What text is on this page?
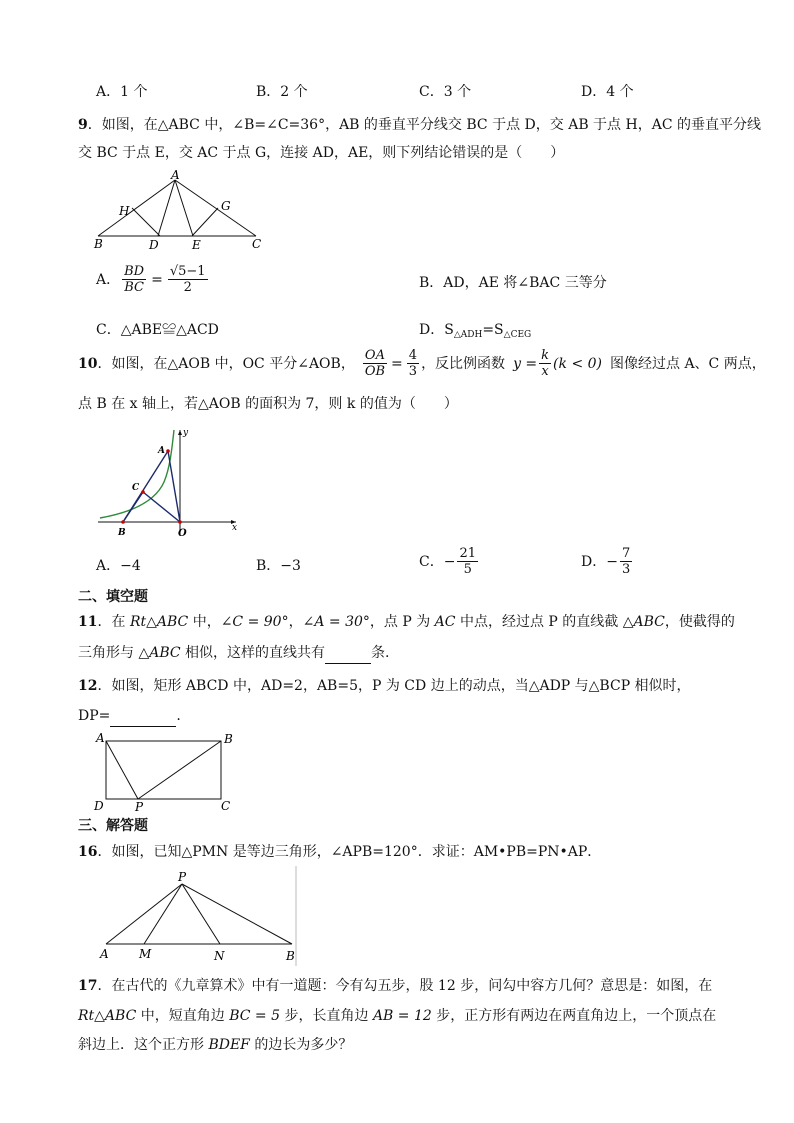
A．1 个	B．2 个	C．3 个	D．4 个
9．如图，在△ABC 中，∠B=∠C=36°，AB 的垂直平分线交 BC 于点 D，交 AB 于点 H，AC 的垂直平分线
交 BC 于点 E，交 AC 于点 G，连接 AD，AE，则下列结论错误的是（　　）
A
B	C
D	E
H	G
A． $\frac{BD}{BC} = \frac{√5-1}{2}$	B．AD，AE 将∠BAC 三等分
C．△ABE≌△ACD	D．$S_{\triangle ADH}=S_{\triangle CEG}$
10 ．如图，在△AOB 中，OC 平分∠AOB， $\frac{OA}{OB} = \frac{4}{3}$ ，反比例函数 $y = \frac{k}{x} (k < 0)$ 图像经过点 A、C 两点，
点 B 在 x 轴上，若△AOB 的面积为 7，则 k 的值为（　　）
A
C
B	O	x
y
A．−4	B．−3	C．− $\frac{21}{5}$	D．− $\frac{7}{3}$
二、填空题
11．在 Rt△ABC 中，∠C = 90°，∠A = 30°，点 P 为 AC 中点，经过点 P 的直线截 △ABC，使截得的
三角形与 △ABC 相似，这样的直线共有	条.
12．如图，矩形 ABCD 中，AD=2，AB=5，P 为 CD 边上的动点，当△ADP 与△BCP 相似时，
DP=	.
A	B
D	C
P
三、解答题
16．如图，已知△PMN 是等边三角形，∠APB=120°．求证：AM•PB=PN•AP．
P
A	M	N	B
17．在古代的《九章算术》中有一道题：今有勾五步，股 12 步，问勾中容方几何？意思是：如图，在
Rt△ABC 中，短直角边 BC = 5 步，长直角边 AB = 12 步，正方形有两边在两直角边上，一个顶点在
斜边上．这个正方形 BDEF 的边长为多少？
